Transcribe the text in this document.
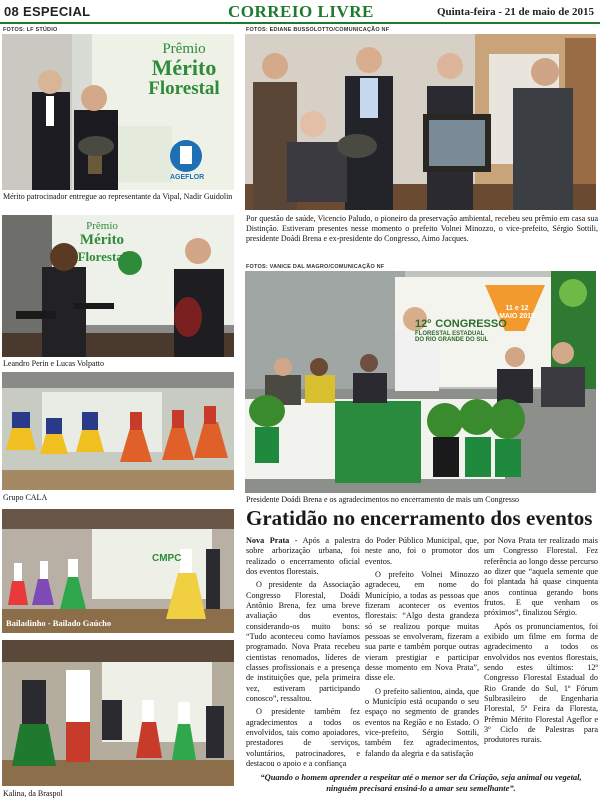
08 ESPECIAL	CORREIO LIVRE	Quinta-feira - 21 de maio de 2015
FOTOS: LF STÚDIO
Prêmio
Mérito
Florestal
AGEFLOR
Mérito patrocinador entregue ao representante da Vipal, Nadir Guidolin
FOTOS: EDIANE BUSSOLOTTO/COMUNICAÇÃO NF
Por questão de saúde, Vicencio Paludo, o pioneiro da preservação ambiental, recebeu seu prêmio em casa sua Distinção. Estiveram presentes nesse momento o prefeito Volnei Minozzo, o vice-prefeito, Sérgio Sottili, presidente Doádi Brena e ex-presidente do Congresso, Aimo Jacques.
Prêmio
Mérito
Florestal
Leandro Perin e Lucas Volpatto
Grupo CALA
FOTOS: VANICE DAL MAGRO/COMUNICAÇÃO NF
12º CONGRESSO
FLORESTAL ESTADUAL
DO RIO GRANDE DO SUL
11 e 12 MAIO 2015
Presidente Doádi Brena e os agradecimentos no encerramento de mais um Congresso
CMPC
Bailadinho - Bailado Gaúcho
Kalina, da Braspol
Gratidão no encerramento dos eventos

Nova Prata - Após a palestra sobre arborização urbana, foi realizado o encerramento oficial dos eventos florestais.

O presidente da Associação Congresso Florestal, Doádi Antônio Brena, fez uma breve avaliação dos eventos, considerando-os muito bons: “Tudo aconteceu como havíamos programado. Nova Prata recebeu cientistas renomados, líderes de classes profissionais e a presença de instituições que, pela primeira vez, estiveram participando conosco”, ressaltou.

O presidente também fez agradecimentos a todos os envolvidos, tais como apoiadores, prestadores de serviços, voluntários, patrocinadores, e destacou o apoio e a confiança

do Poder Público Municipal, que, neste ano, foi o promotor dos eventos.

O prefeito Volnei Minozzo agradeceu, em nome do Município, a todas as pessoas que fizeram acontecer os eventos florestais: “Algo desta grandeza só se realizou porque muitas pessoas se envolveram, fizeram a sua parte e também porque outras vieram prestigiar e participar desse momento em Nova Prata”, disse ele.

O prefeito salientou, ainda, que o Município está ocupando o seu espaço no segmento de grandes eventos na Região e no Estado. O vice-prefeito, Sérgio Sottili, também fez agradecimentos, falando da alegria e da satisfação

por Nova Prata ter realizado mais um Congresso Florestal. Fez referência ao longo desse percurso ao dizer que “aquela semente que foi plantada há quase cinquenta anos continua gerando bons frutos. E que venham os próximos”, finalizou Sérgio.

Após os pronunciamentos, foi exibido um filme em forma de agradecimento a todos os envolvidos nos eventos florestais, sendo estes últimos: 12º Congresso Florestal Estadual do Rio Grande do Sul, 1º Fórum Sulbrasileiro de Engenharia Florestal, 5ª Feira da Floresta, Prêmio Mérito Florestal Ageflor e 3º Ciclo de Palestras para produtores rurais.

“Quando o homem aprender a respeitar até o menor ser da Criação, seja animal ou vegetal, ninguém precisará ensiná-lo a amar seu semelhante”.
